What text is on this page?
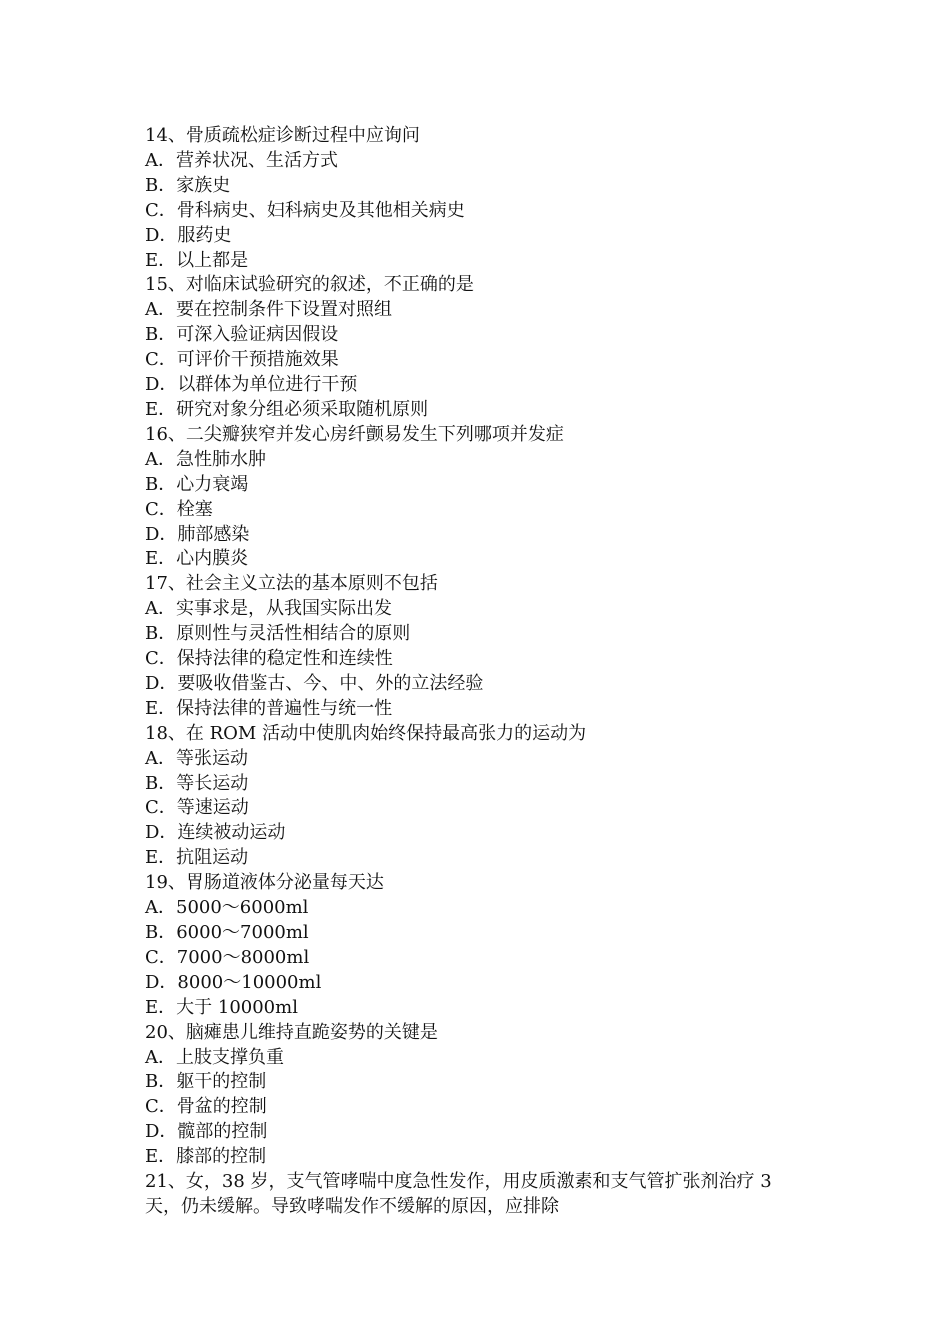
14、骨质疏松症诊断过程中应询问

A．营养状况、生活方式

B．家族史

C．骨科病史、妇科病史及其他相关病史

D．服药史

E．以上都是

15、对临床试验研究的叙述，不正确的是

A．要在控制条件下设置对照组

B．可深入验证病因假设

C．可评价干预措施效果

D．以群体为单位进行干预

E．研究对象分组必须采取随机原则

16、二尖瓣狭窄并发心房纤颤易发生下列哪项并发症

A．急性肺水肿

B．心力衰竭

C．栓塞

D．肺部感染

E．心内膜炎

17、社会主义立法的基本原则不包括

A．实事求是，从我国实际出发

B．原则性与灵活性相结合的原则

C．保持法律的稳定性和连续性

D．要吸收借鉴古、今、中、外的立法经验

E．保持法律的普遍性与统一性

18、在 ROM 活动中使肌肉始终保持最高张力的运动为

A．等张运动

B．等长运动

C．等速运动

D．连续被动运动

E．抗阻运动

19、胃肠道液体分泌量每天达

A．5000～6000ml

B．6000～7000ml

C．7000～8000ml

D．8000～10000ml

E．大于 10000ml

20、脑瘫患儿维持直跪姿势的关键是

A．上肢支撑负重

B．躯干的控制

C．骨盆的控制

D．髋部的控制

E．膝部的控制

21、女，38 岁，支气管哮喘中度急性发作，用皮质激素和支气管扩张剂治疗 3

天，仍未缓解。导致哮喘发作不缓解的原因，应排除
